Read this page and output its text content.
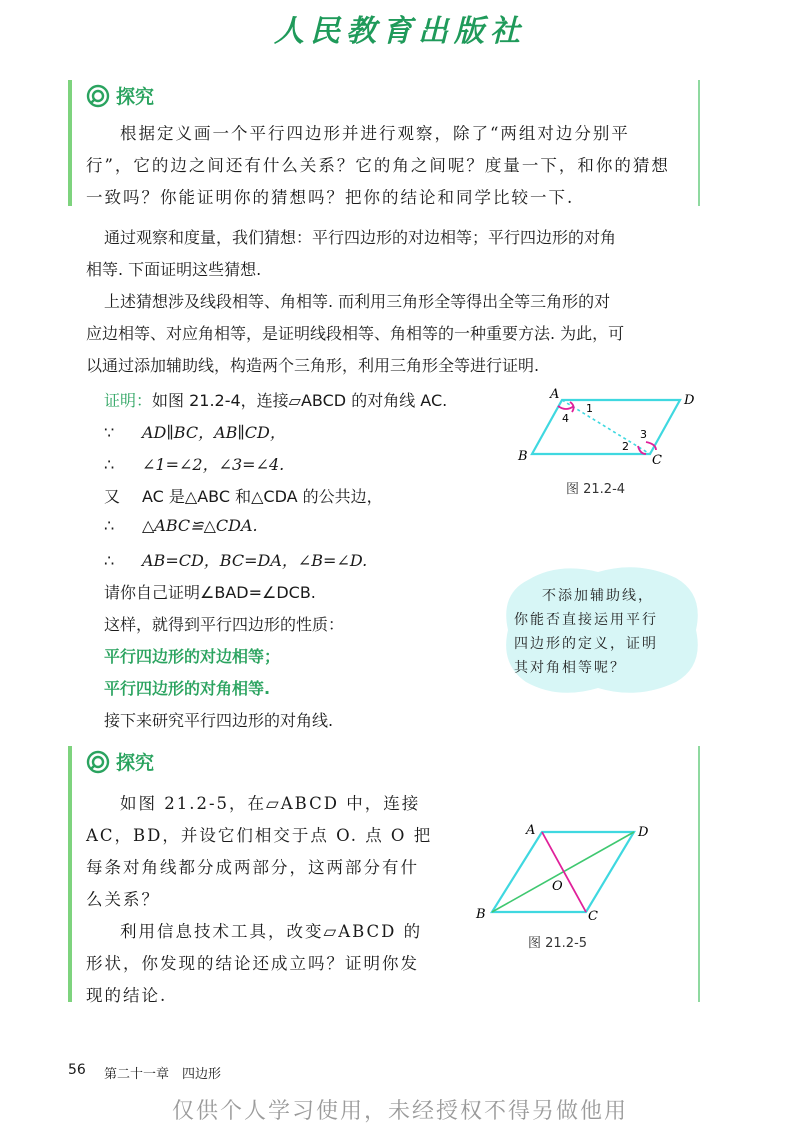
人民教育出版社
探究
根据定义画一个平行四边形并进行观察，除了“两组对边分别平
行”，它的边之间还有什么关系？它的角之间呢？度量一下，和你的猜想
一致吗？你能证明你的猜想吗？把你的结论和同学比较一下.
通过观察和度量，我们猜想：平行四边形的对边相等；平行四边形的对角
相等. 下面证明这些猜想.
上述猜想涉及线段相等、角相等. 而利用三角形全等得出全等三角形的对
应边相等、对应角相等，是证明线段相等、角相等的一种重要方法. 为此，可
以通过添加辅助线，构造两个三角形，利用三角形全等进行证明.
证明：如图 21.2-4，连接▱ABCD 的对角线 AC.
∵ AD∥BC，AB∥CD，
∴ ∠1=∠2，∠3=∠4.
又 AC 是△ABC 和△CDA 的公共边，
∴ △ABC≌△CDA.
∴ AB=CD，BC=DA，∠B=∠D.
请你自己证明∠BAD=∠DCB.
这样，就得到平行四边形的性质：
平行四边形的对边相等；
平行四边形的对角相等.
接下来研究平行四边形的对角线.
A	D
B	C
1
2
3
4
图 21.2-4
不添加辅助线，
你能否直接运用平行
四边形的定义，证明
其对角相等呢？
探究
如图 21.2-5，在▱ABCD 中，连接
AC，BD，并设它们相交于点 O. 点 O 把
每条对角线都分成两部分，这两部分有什
么关系？
利用信息技术工具，改变▱ABCD 的
形状，你发现的结论还成立吗？证明你发
现的结论.
A	D
B	C
O
图 21.2-5
56 第二十一章　四边形
仅供个人学习使用，未经授权不得另做他用
